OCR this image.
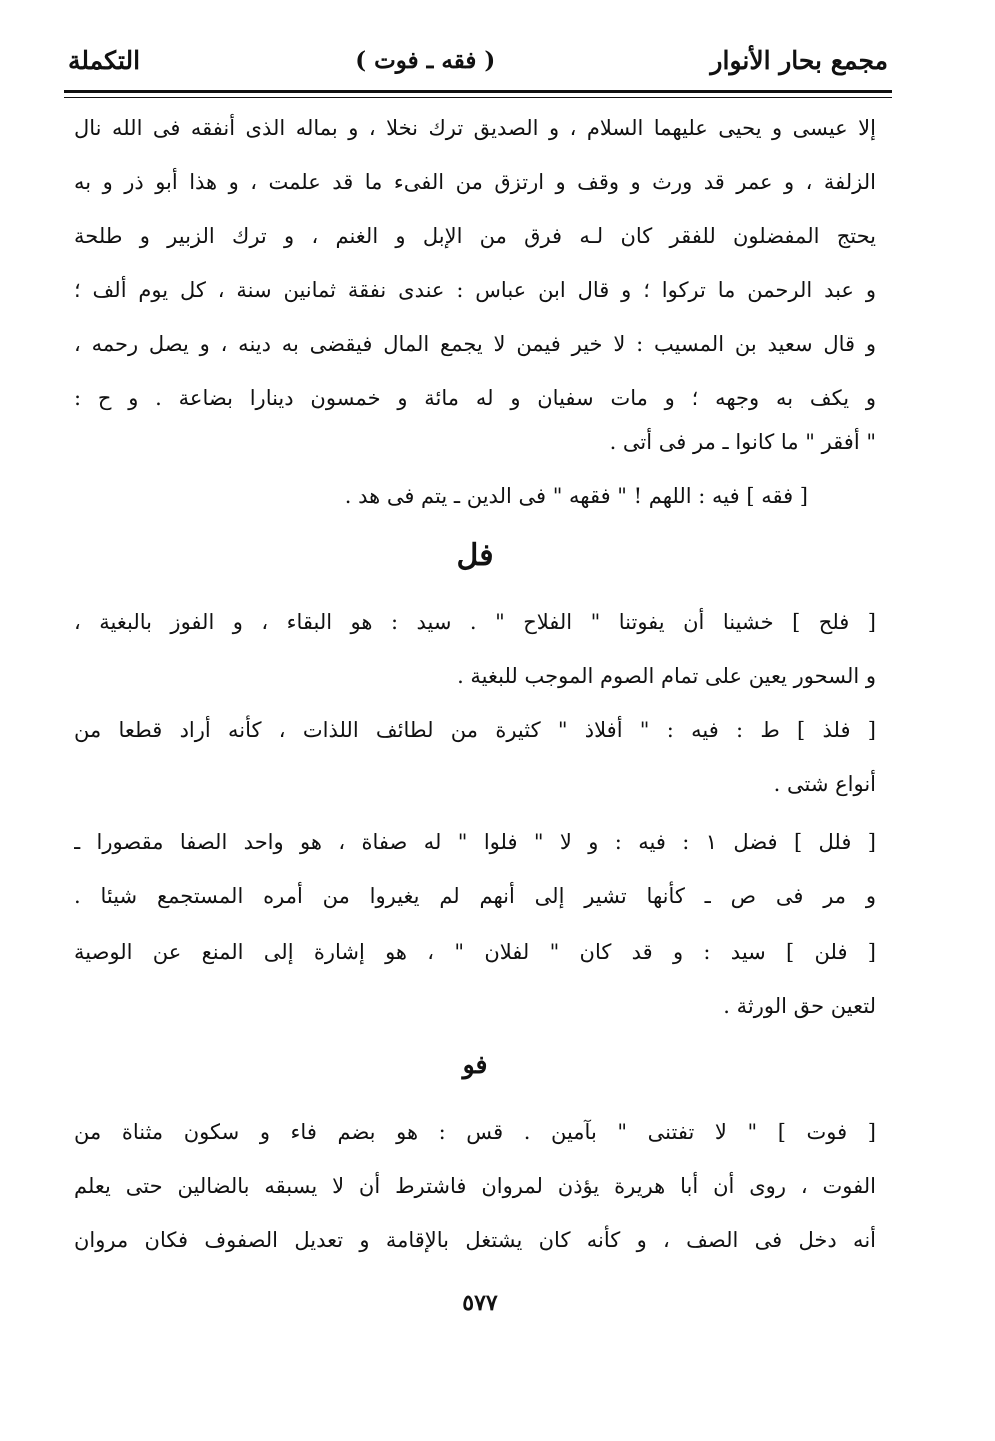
مجمع بحار الأنوار
( فقه ـ فوت )
التكملة
إلا عيسى و يحيى عليهما السلام ، و الصديق ترك نخلا ، و بماله الذى أنفقه فى الله نال
الزلفة ، و عمر قد ورث و وقف و ارتزق من الفىء ما قد علمت ، و هذا أبو ذر و به
يحتج المفضلون للفقر كان لـه فرق من الإبل و الغنم ، و ترك الزبير و طلحة
و عبد الرحمن ما تركوا ؛ و قال ابن عباس : عندى نفقة ثمانين سنة ، كل يوم ألف ؛
و قال سعيد بن المسيب : لا خير فيمن لا يجمع المال فيقضى به دينه ، و يصل رحمه ،
و يكف به وجهه ؛ و مات سفيان و له مائة و خمسون دينارا بضاعة . و ح :
" أفقر " ما كانوا ـ مر فى أتى .
[ فقه ] فيه : اللهم ! " فقهه " فى الدين ـ يتم فى هد .
فل
[ فلح ] خشينا أن يفوتنا " الفلاح " . سيد : هو البقاء ، و الفوز بالبغية ،
و السحور يعين على تمام الصوم الموجب للبغية .
[ فلذ ] ط : فيه : " أفلاذ " كثيرة من لطائف اللذات ، كأنه أراد قطعا من
أنواع شتى .
[ فلل ] فضل ١ : فيه : و لا " فلوا " له صفاة ، هو واحد الصفا مقصورا ـ
و مر فى ص ـ كأنها تشير إلى أنهم لم يغيروا من أمره المستجمع شيئا .
[ فلن ] سيد : و قد كان " لفلان " ، هو إشارة إلى المنع عن الوصية
لتعين حق الورثة .
فو
[ فوت ] " لا تفتنى " بآمين . قس : هو بضم فاء و سكون مثناة من
الفوت ، روى أن أبا هريرة يؤذن لمروان فاشترط أن لا يسبقه بالضالين حتى يعلم
أنه دخل فى الصف ، و كأنه كان يشتغل بالإقامة و تعديل الصفوف فكان مروان
٥٧٧
